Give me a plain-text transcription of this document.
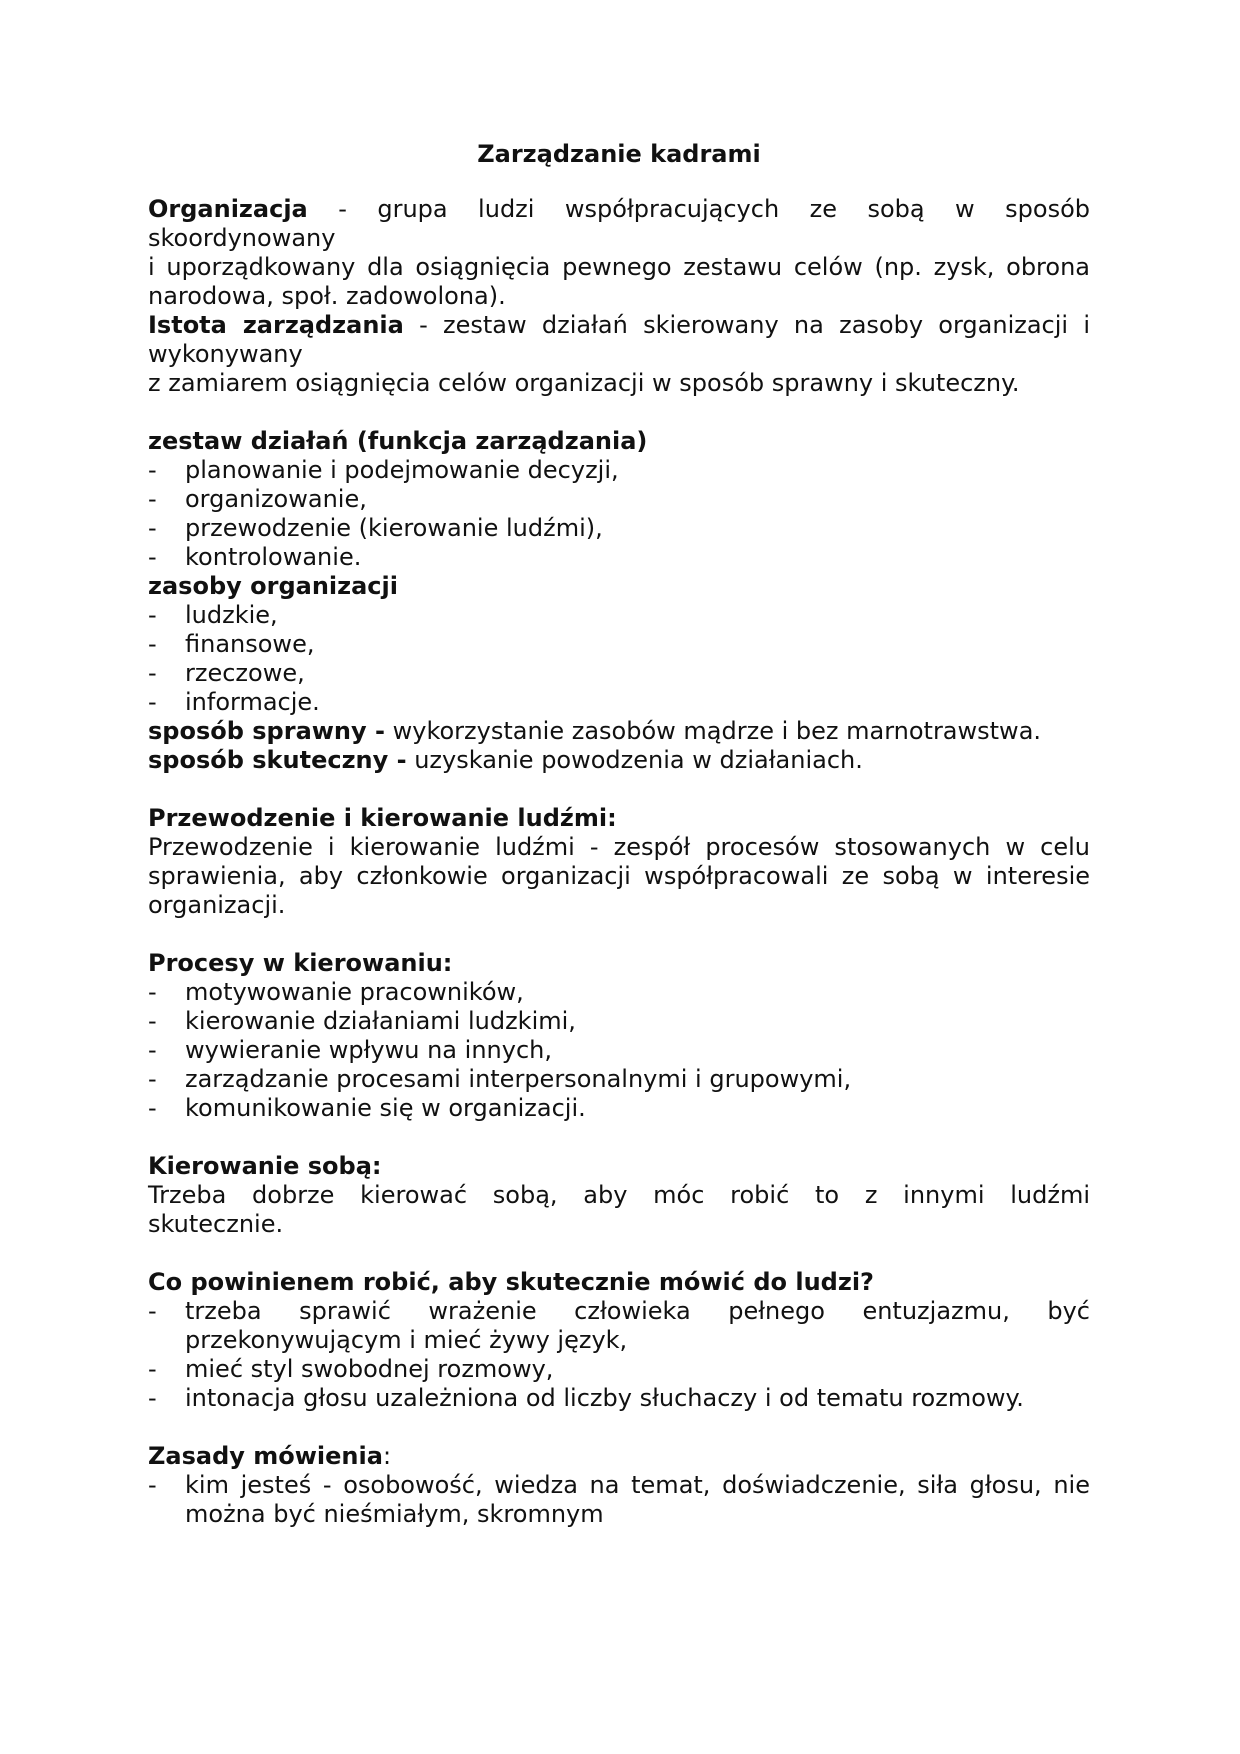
Zarządzanie kadrami
Organizacja - grupa ludzi współpracujących ze sobą w sposób
skoordynowany
i uporządkowany dla osiągnięcia pewnego zestawu celów (np. zysk, obrona
narodowa, społ. zadowolona).
Istota zarządzania - zestaw działań skierowany na zasoby organizacji i
wykonywany
z zamiarem osiągnięcia celów organizacji w sposób sprawny i skuteczny.
zestaw działań (funkcja zarządzania)
- planowanie i podejmowanie decyzji,
- organizowanie,
- przewodzenie (kierowanie ludźmi),
- kontrolowanie.
zasoby organizacji
- ludzkie,
- finansowe,
- rzeczowe,
- informacje.
sposób sprawny - wykorzystanie zasobów mądrze i bez marnotrawstwa.
sposób skuteczny - uzyskanie powodzenia w działaniach.
Przewodzenie i kierowanie ludźmi:
Przewodzenie i kierowanie ludźmi - zespół procesów stosowanych w celu
sprawienia, aby członkowie organizacji współpracowali ze sobą w interesie
organizacji.
Procesy w kierowaniu:
- motywowanie pracowników,
- kierowanie działaniami ludzkimi,
- wywieranie wpływu na innych,
- zarządzanie procesami interpersonalnymi i grupowymi,
- komunikowanie się w organizacji.
Kierowanie sobą:
Trzeba dobrze kierować sobą, aby móc robić to z innymi ludźmi
skutecznie.
Co powinienem robić, aby skutecznie mówić do ludzi?
- trzeba sprawić wrażenie człowieka pełnego entuzjazmu, być
przekonywującym i mieć żywy język,
- mieć styl swobodnej rozmowy,
- intonacja głosu uzależniona od liczby słuchaczy i od tematu rozmowy.
Zasady mówienia:
- kim jesteś - osobowość, wiedza na temat, doświadczenie, siła głosu, nie
można być nieśmiałym, skromnym
